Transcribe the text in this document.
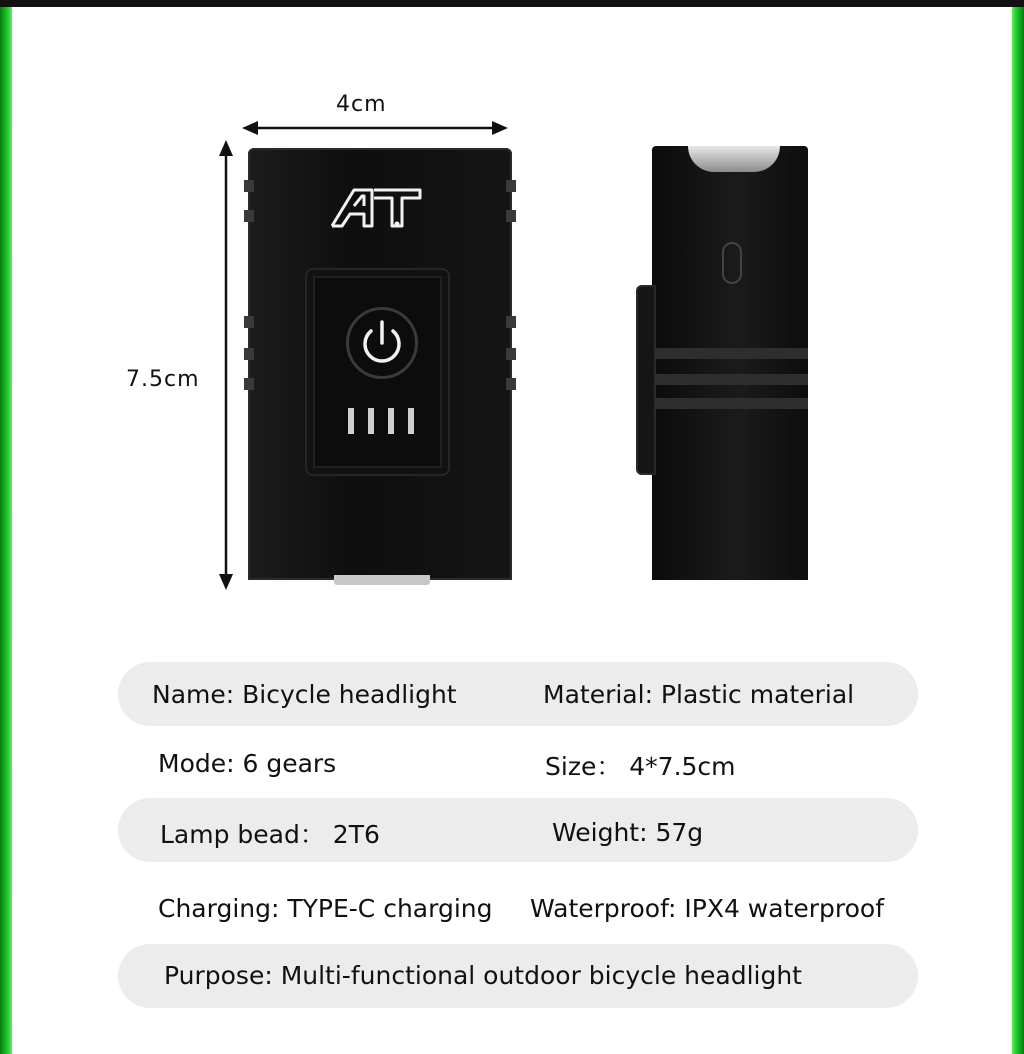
4cm
7.5cm
AT
Name: Bicycle headlight	Material: Plastic material
Mode: 6 gears	Size： 4*7.5cm
Lamp bead： 2T6	Weight: 57g
Charging: TYPE-C charging Waterproof: IPX4 waterproof
Purpose: Multi-functional outdoor bicycle headlight
